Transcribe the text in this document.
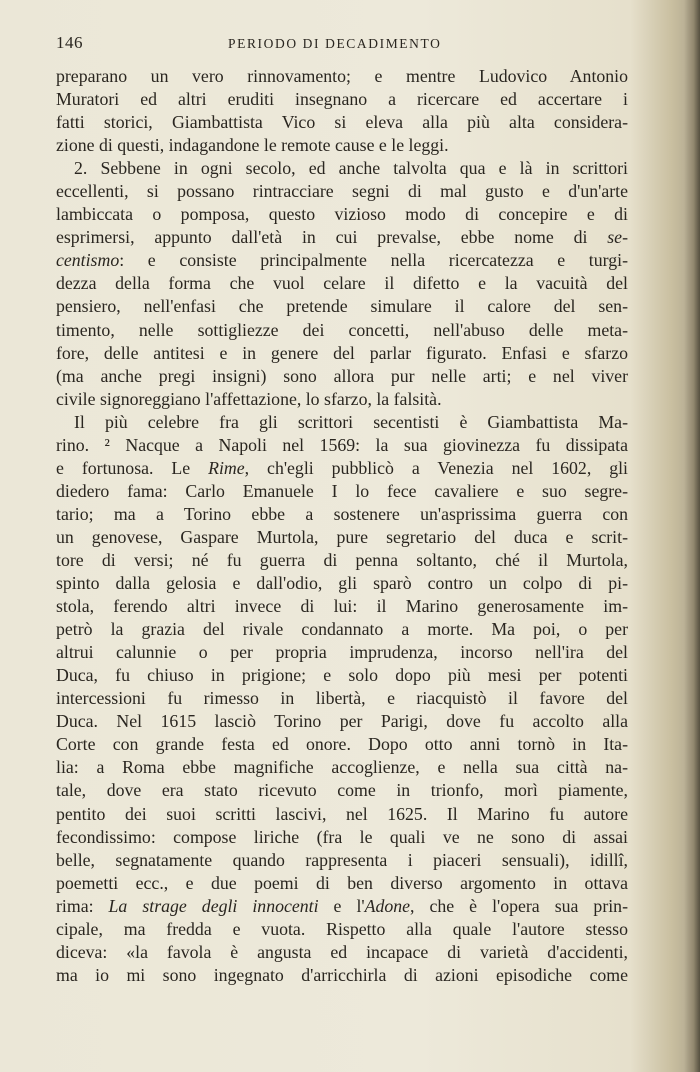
146	PERIODO DI DECADIMENTO
preparano un vero rinnovamento; e mentre Ludovico Antonio
Muratori ed altri eruditi insegnano a ricercare ed accertare i
fatti storici, Giambattista Vico si eleva alla più alta considera-
zione di questi, indagandone le remote cause e le leggi.
2. Sebbene in ogni secolo, ed anche talvolta qua e là in scrittori
eccellenti, si possano rintracciare segni di mal gusto e d'un'arte
lambiccata o pomposa, questo vizioso modo di concepire e di
esprimersi, appunto dall'età in cui prevalse, ebbe nome di se-
centismo: e consiste principalmente nella ricercatezza e turgi-
dezza della forma che vuol celare il difetto e la vacuità del
pensiero, nell'enfasi che pretende simulare il calore del sen-
timento, nelle sottigliezze dei concetti, nell'abuso delle meta-
fore, delle antitesi e in genere del parlar figurato. Enfasi e sfarzo
(ma anche pregi insigni) sono allora pur nelle arti; e nel viver
civile signoreggiano l'affettazione, lo sfarzo, la falsità.
Il più celebre fra gli scrittori secentisti è Giambattista Ma-
rino. ² Nacque a Napoli nel 1569: la sua giovinezza fu dissipata
e fortunosa. Le Rime, ch'egli pubblicò a Venezia nel 1602, gli
diedero fama: Carlo Emanuele I lo fece cavaliere e suo segre-
tario; ma a Torino ebbe a sostenere un'asprissima guerra con
un genovese, Gaspare Murtola, pure segretario del duca e scrit-
tore di versi; né fu guerra di penna soltanto, ché il Murtola,
spinto dalla gelosia e dall'odio, gli sparò contro un colpo di pi-
stola, ferendo altri invece di lui: il Marino generosamente im-
petrò la grazia del rivale condannato a morte. Ma poi, o per
altrui calunnie o per propria imprudenza, incorso nell'ira del
Duca, fu chiuso in prigione; e solo dopo più mesi per potenti
intercessioni fu rimesso in libertà, e riacquistò il favore del
Duca. Nel 1615 lasciò Torino per Parigi, dove fu accolto alla
Corte con grande festa ed onore. Dopo otto anni tornò in Ita-
lia: a Roma ebbe magnifiche accoglienze, e nella sua città na-
tale, dove era stato ricevuto come in trionfo, morì piamente,
pentito dei suoi scritti lascivi, nel 1625. Il Marino fu autore
fecondissimo: compose liriche (fra le quali ve ne sono di assai
belle, segnatamente quando rappresenta i piaceri sensuali), idillî,
poemetti ecc., e due poemi di ben diverso argomento in ottava
rima: La strage degli innocenti e l'Adone, che è l'opera sua prin-
cipale, ma fredda e vuota. Rispetto alla quale l'autore stesso
diceva: «la favola è angusta ed incapace di varietà d'accidenti,
ma io mi sono ingegnato d'arricchirla di azioni episodiche come
